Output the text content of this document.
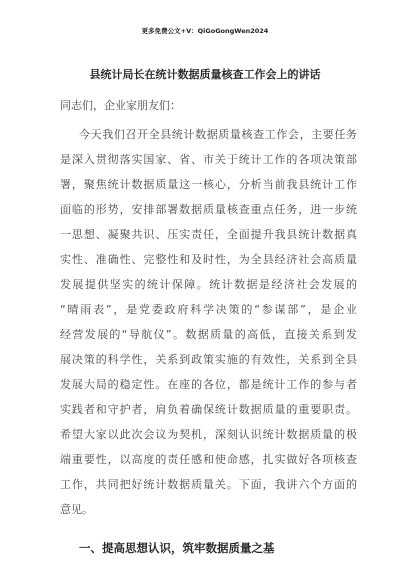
更多免费公文+V：QiGoGongWen2024
县统计局长在统计数据质量核查工作会上的讲话
同志们，企业家朋友们：
今天我们召开全县统计数据质量核查工作会，主要任务
是深入贯彻落实国家、省、市关于统计工作的各项决策部
署，聚焦统计数据质量这一核心，分析当前我县统计工作
面临的形势，安排部署数据质量核查重点任务，进一步统
一思想、凝聚共识、压实责任，全面提升我县统计数据真
实性、准确性、完整性和及时性，为全县经济社会高质量
发展提供坚实的统计保障。统计数据是经济社会发展的
“晴雨表”，是党委政府科学决策的“参谋部”，是企业
经营发展的“导航仪”。数据质量的高低，直接关系到发
展决策的科学性，关系到政策实施的有效性，关系到全县
发展大局的稳定性。在座的各位，都是统计工作的参与者
实践者和守护者，肩负着确保统计数据质量的重要职责。
希望大家以此次会议为契机，深刻认识统计数据质量的极
端重要性，以高度的责任感和使命感，扎实做好各项核查
工作，共同把好统计数据质量关。下面，我讲六个方面的
意见。
一、提高思想认识，筑牢数据质量之基
